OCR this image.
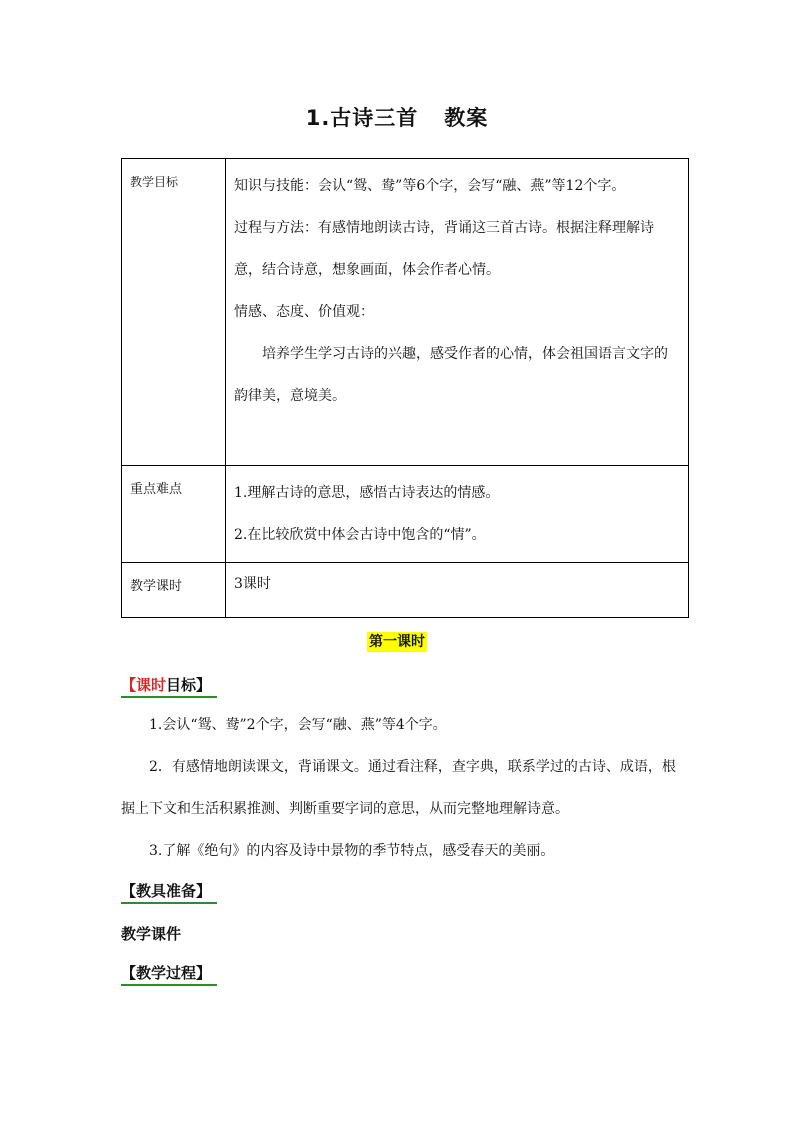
1.古诗三首 教案
教学目标	知识与技能：会认“鸳、鸯”等6个字，会写“融、燕”等12个字。

过程与方法：有感情地朗读古诗，背诵这三首古诗。根据注释理解诗意，结合诗意，想象画面，体会作者心情。

情感、态度、价值观：

培养学生学习古诗的兴趣，感受作者的心情，体会祖国语言文字的韵律美，意境美。

重点难点	1.理解古诗的意思，感悟古诗表达的情感。

2.在比较欣赏中体会古诗中饱含的“情”。

教学课时	3课时

第一课时
【课时目标】

1.会认“鸳、鸯”2个字，会写“融、燕”等4个字。

2．有感情地朗读课文，背诵课文。通过看注释，查字典，联系学过的古诗、成语，根据上下文和生活积累推测、判断重要字词的意思，从而完整地理解诗意。

3.了解《绝句》的内容及诗中景物的季节特点，感受春天的美丽。

【教具准备】
教学课件
【教学过程】
